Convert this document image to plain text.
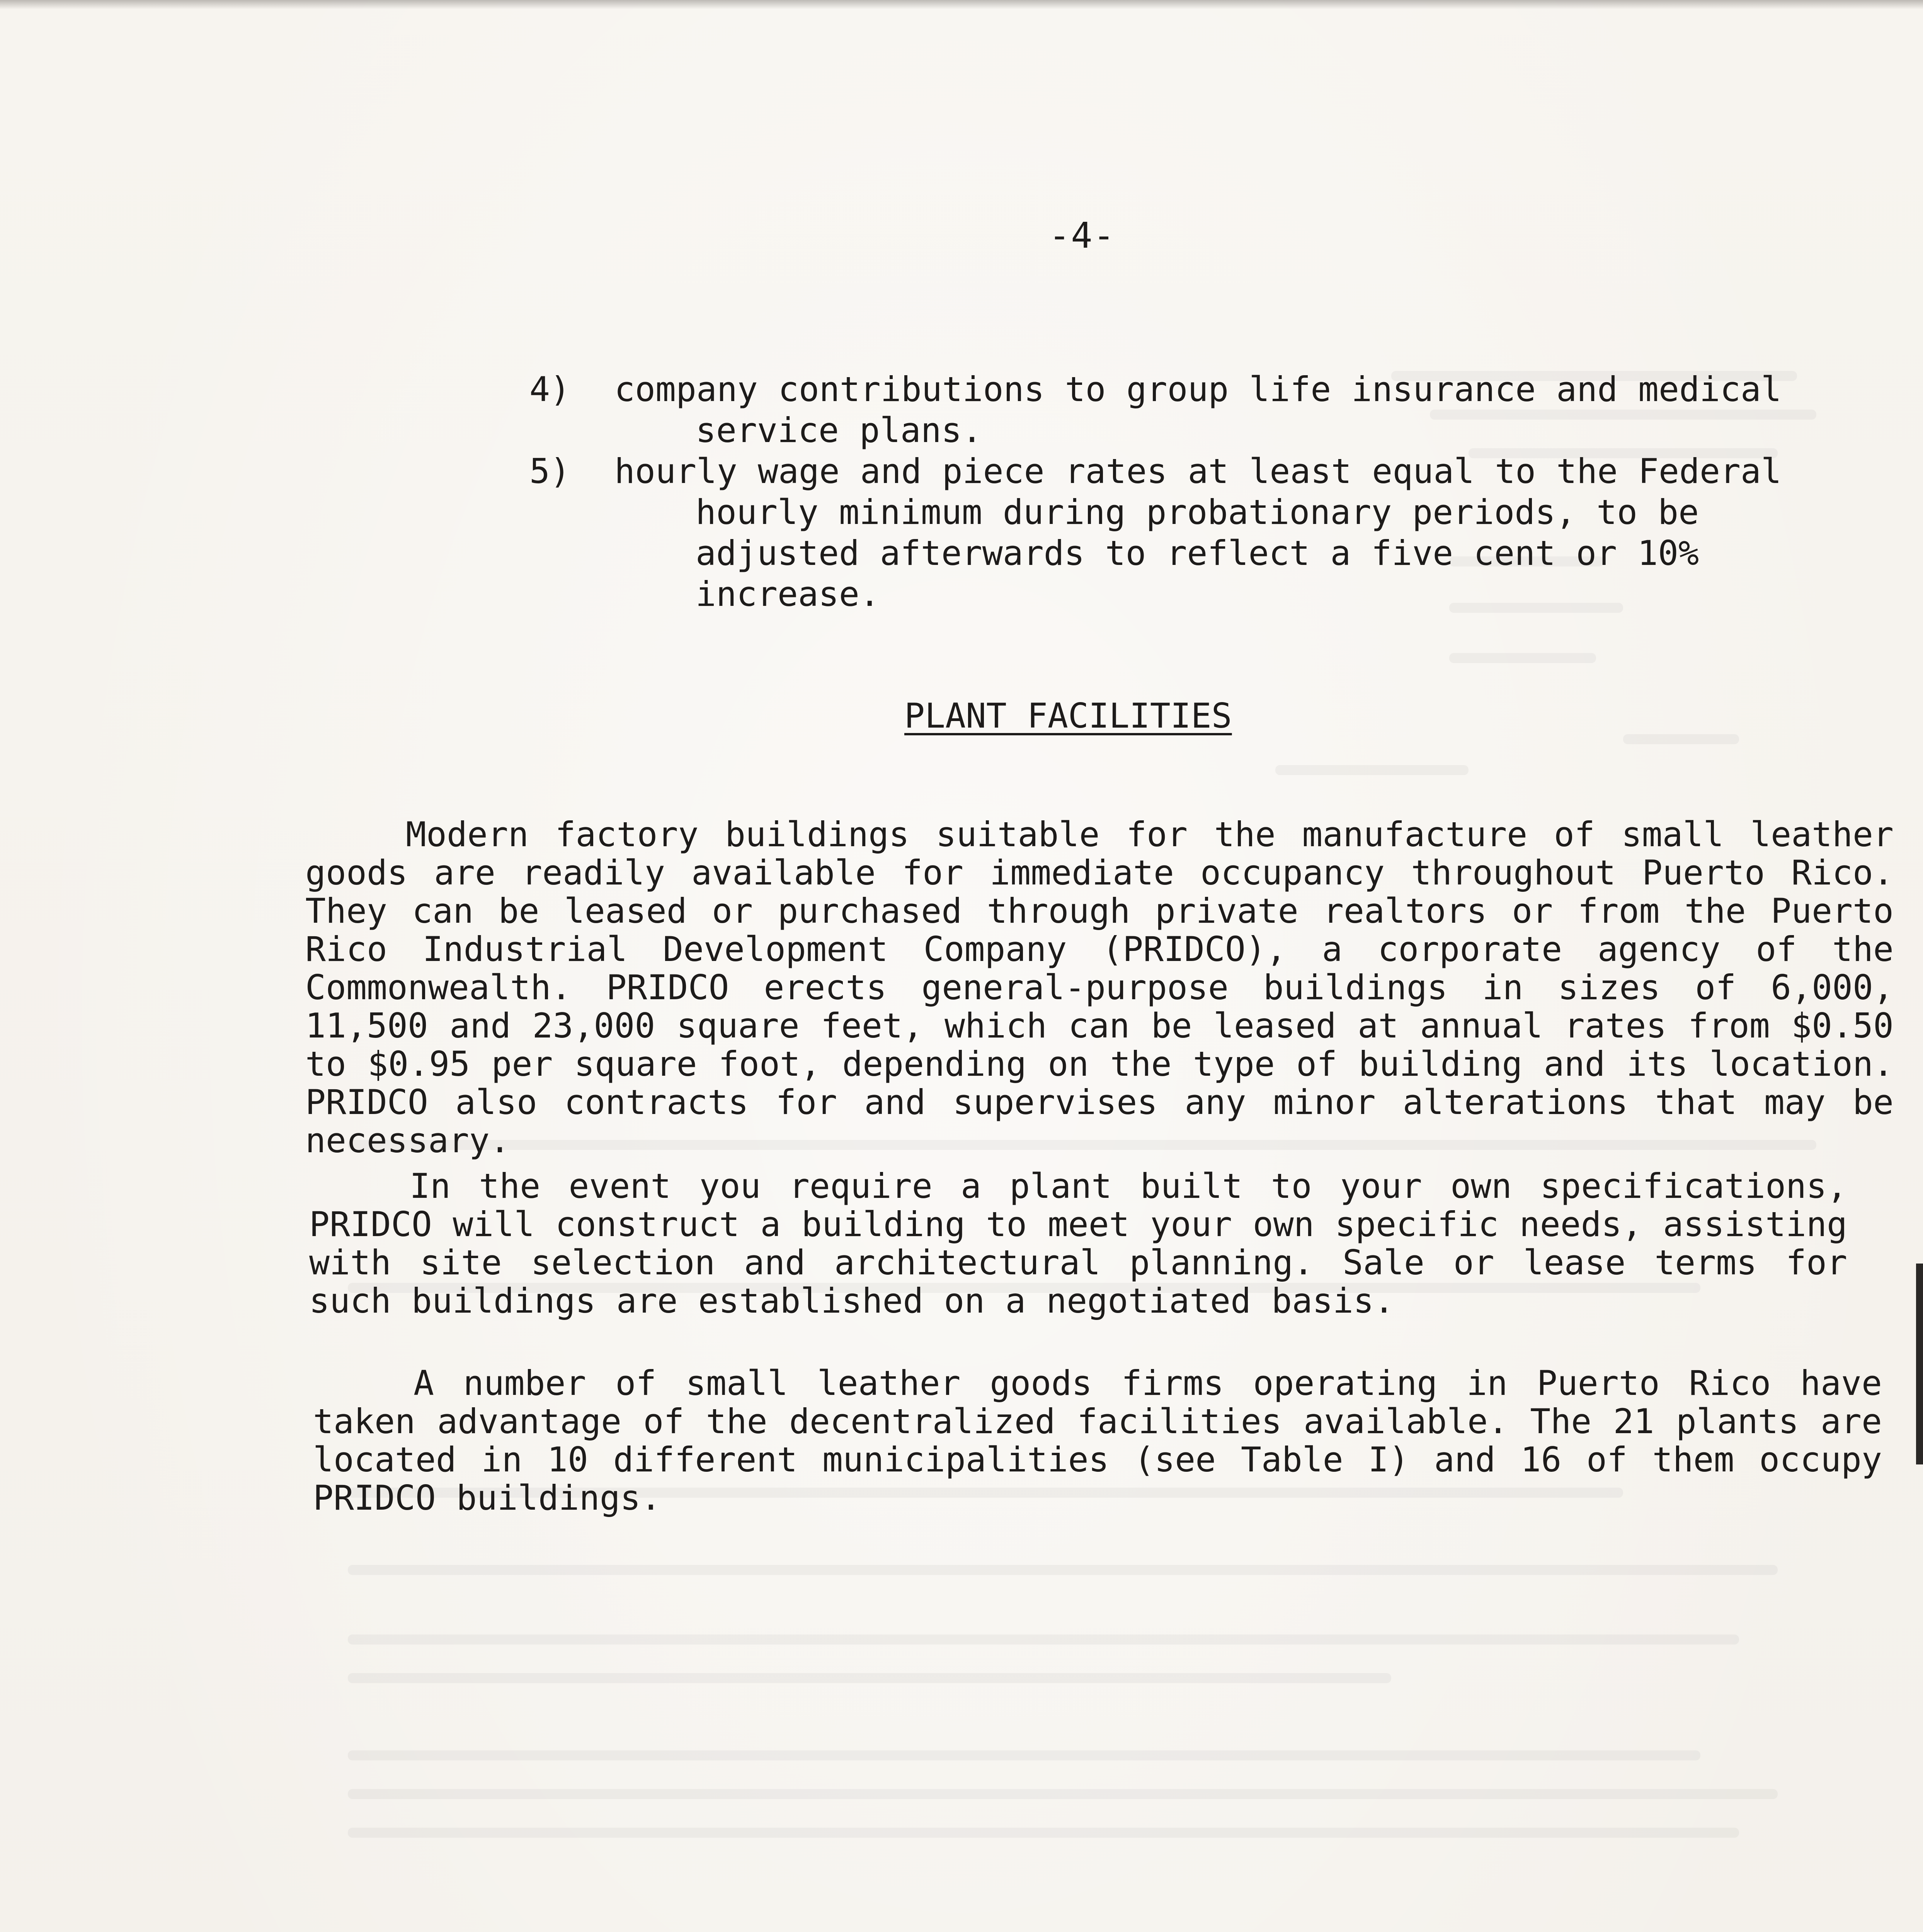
-4-
4)	company contributions to group life insurance and medical service plans.
5)	hourly wage and piece rates at least equal to the Federal hourly minimum during probationary periods, to be adjusted afterwards to reflect a five cent or 10% increase.
PLANT FACILITIES

Modern factory buildings suitable for the manufacture of small leather goods are readily available for immediate occupancy throughout Puerto Rico. They can be leased or purchased through private realtors or from the Puerto Rico Industrial Development Company (PRIDCO), a corporate agency of the Commonwealth. PRIDCO erects general-purpose buildings in sizes of 6,000, 11,500 and 23,000 square feet, which can be leased at annual rates from $0.50 to $0.95 per square foot, depending on the type of building and its location. PRIDCO also contracts for and supervises any minor alterations that may be necessary.

In the event you require a plant built to your own specifications, PRIDCO will construct a building to meet your own specific needs, assisting with site selection and architectural planning. Sale or lease terms for such buildings are established on a negotiated basis.

A number of small leather goods firms operating in Puerto Rico have taken advantage of the decentralized facilities available. The 21 plants are located in 10 different municipalities (see Table I) and 16 of them occupy PRIDCO buildings.
